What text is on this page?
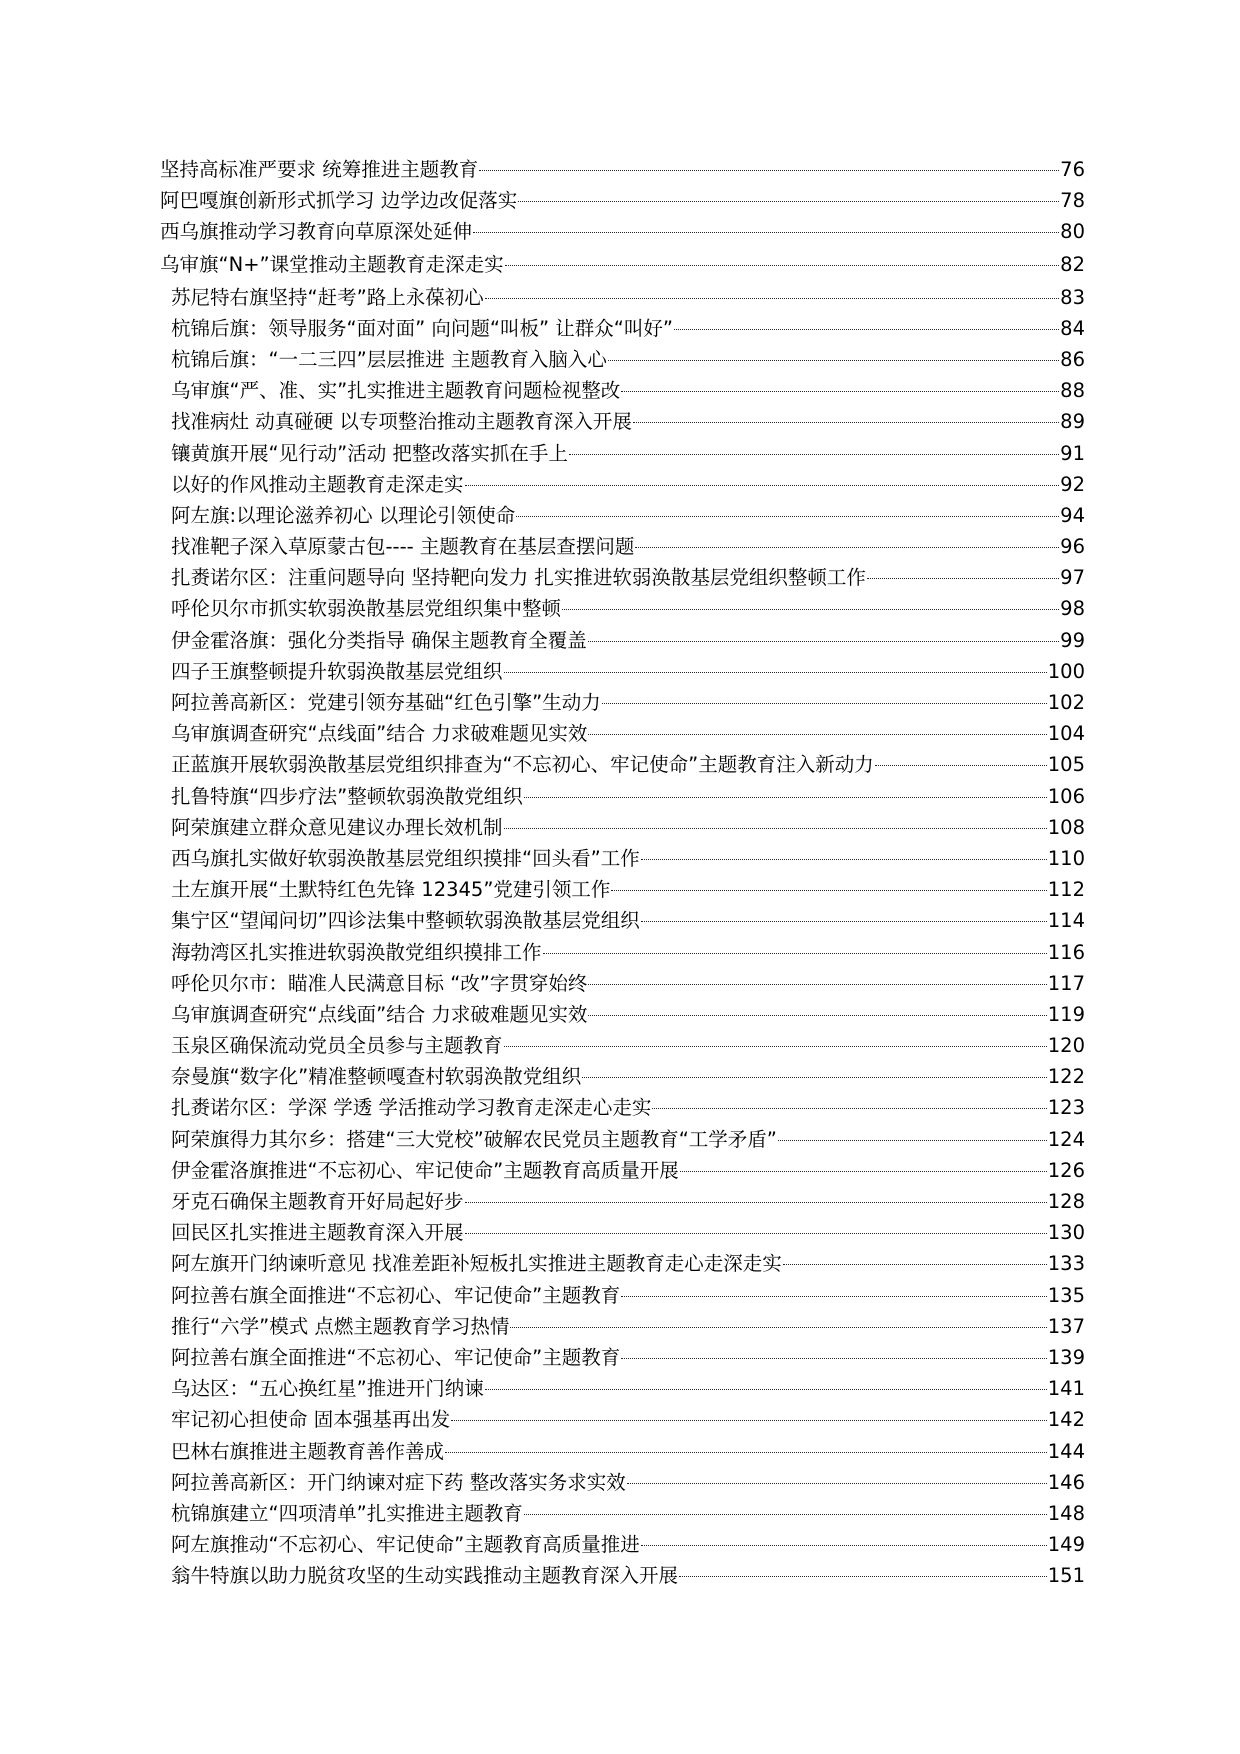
坚持高标准严要求 统筹推进主题教育	76
阿巴嘎旗创新形式抓学习 边学边改促落实	78
西乌旗推动学习教育向草原深处延伸	80
乌审旗“N+”课堂推动主题教育走深走实	82
苏尼特右旗坚持“赶考”路上永葆初心	83
杭锦后旗：领导服务“面对面” 向问题“叫板” 让群众“叫好”	84
杭锦后旗：“一二三四”层层推进 主题教育入脑入心	86
乌审旗“严、准、实”扎实推进主题教育问题检视整改	88
找准病灶 动真碰硬 以专项整治推动主题教育深入开展	89
镶黄旗开展“见行动”活动 把整改落实抓在手上	91
以好的作风推动主题教育走深走实	92
阿左旗:以理论滋养初心 以理论引领使命	94
找准靶子深入草原蒙古包---- 主题教育在基层查摆问题	96
扎赉诺尔区：注重问题导向 坚持靶向发力 扎实推进软弱涣散基层党组织整顿工作	97
呼伦贝尔市抓实软弱涣散基层党组织集中整顿	98
伊金霍洛旗：强化分类指导 确保主题教育全覆盖	99
四子王旗整顿提升软弱涣散基层党组织	100
阿拉善高新区：党建引领夯基础“红色引擎”生动力	102
乌审旗调查研究“点线面”结合 力求破难题见实效	104
正蓝旗开展软弱涣散基层党组织排查为“不忘初心、牢记使命”主题教育注入新动力	105
扎鲁特旗“四步疗法”整顿软弱涣散党组织	106
阿荣旗建立群众意见建议办理长效机制	108
西乌旗扎实做好软弱涣散基层党组织摸排“回头看”工作	110
土左旗开展“土默特红色先锋 12345”党建引领工作	112
集宁区“望闻问切”四诊法集中整顿软弱涣散基层党组织	114
海勃湾区扎实推进软弱涣散党组织摸排工作	116
呼伦贝尔市：瞄准人民满意目标 “改”字贯穿始终	117
乌审旗调查研究“点线面”结合 力求破难题见实效	119
玉泉区确保流动党员全员参与主题教育	120
奈曼旗“数字化”精准整顿嘎查村软弱涣散党组织	122
扎赉诺尔区：学深 学透 学活推动学习教育走深走心走实	123
阿荣旗得力其尔乡：搭建“三大党校”破解农民党员主题教育“工学矛盾”	124
伊金霍洛旗推进“不忘初心、牢记使命”主题教育高质量开展	126
牙克石确保主题教育开好局起好步	128
回民区扎实推进主题教育深入开展	130
阿左旗开门纳谏听意见 找准差距补短板扎实推进主题教育走心走深走实	133
阿拉善右旗全面推进“不忘初心、牢记使命”主题教育	135
推行“六学”模式 点燃主题教育学习热情	137
阿拉善右旗全面推进“不忘初心、牢记使命”主题教育	139
乌达区：“五心换红星”推进开门纳谏	141
牢记初心担使命 固本强基再出发	142
巴林右旗推进主题教育善作善成	144
阿拉善高新区：开门纳谏对症下药 整改落实务求实效	146
杭锦旗建立“四项清单”扎实推进主题教育	148
阿左旗推动“不忘初心、牢记使命”主题教育高质量推进	149
翁牛特旗以助力脱贫攻坚的生动实践推动主题教育深入开展	151
